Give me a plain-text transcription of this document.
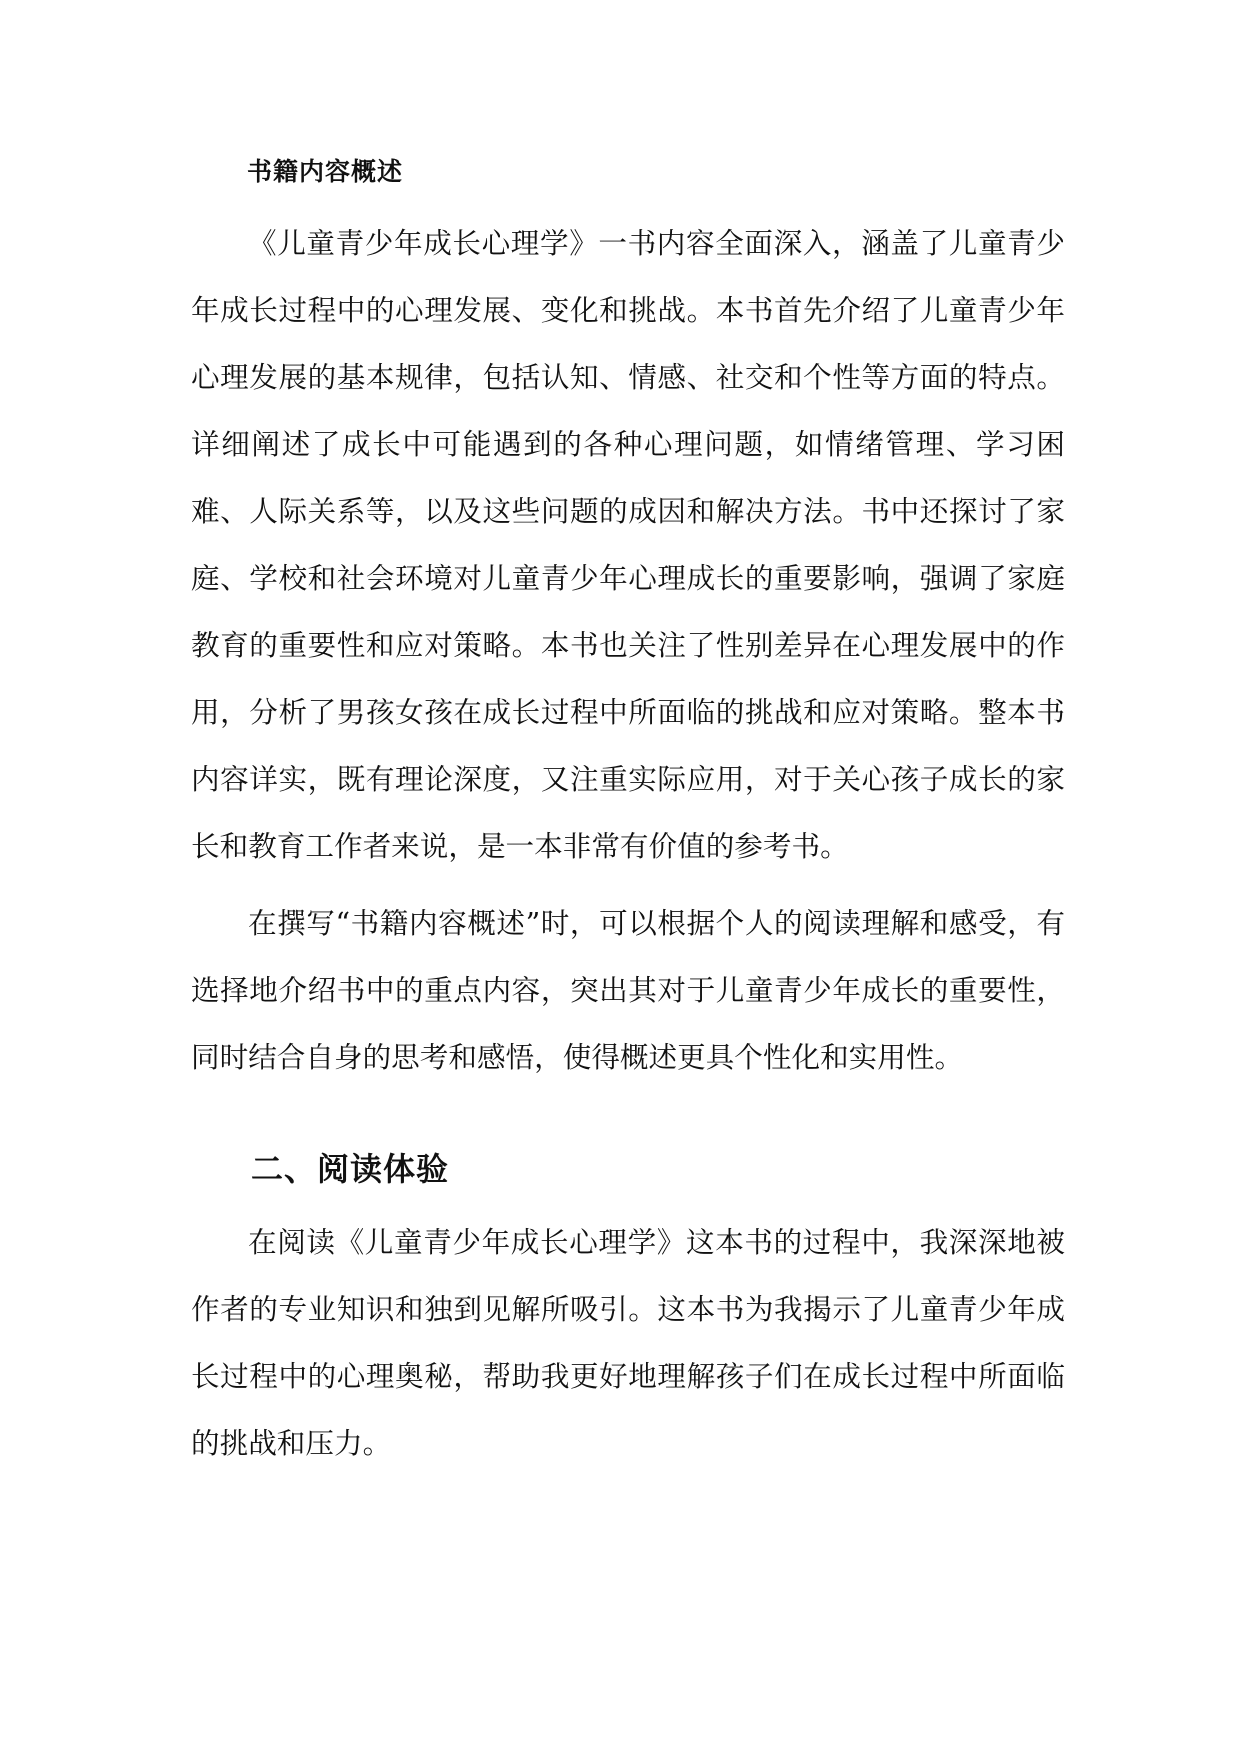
书籍内容概述

《儿童青少年成长心理学》一书内容全面深入，涵盖了儿童青少年成长过程中的心理发展、变化和挑战。本书首先介绍了儿童青少年心理发展的基本规律，包括认知、情感、社交和个性等方面的特点。详细阐述了成长中可能遇到的各种心理问题，如情绪管理、学习困难、人际关系等，以及这些问题的成因和解决方法。书中还探讨了家庭、学校和社会环境对儿童青少年心理成长的重要影响，强调了家庭教育的重要性和应对策略。本书也关注了性别差异在心理发展中的作用，分析了男孩女孩在成长过程中所面临的挑战和应对策略。整本书内容详实，既有理论深度，又注重实际应用，对于关心孩子成长的家长和教育工作者来说，是一本非常有价值的参考书。

在撰写“书籍内容概述”时，可以根据个人的阅读理解和感受，有选择地介绍书中的重点内容，突出其对于儿童青少年成长的重要性，同时结合自身的思考和感悟，使得概述更具个性化和实用性。

二、阅读体验

在阅读《儿童青少年成长心理学》这本书的过程中，我深深地被作者的专业知识和独到见解所吸引。这本书为我揭示了儿童青少年成长过程中的心理奥秘，帮助我更好地理解孩子们在成长过程中所面临的挑战和压力。
